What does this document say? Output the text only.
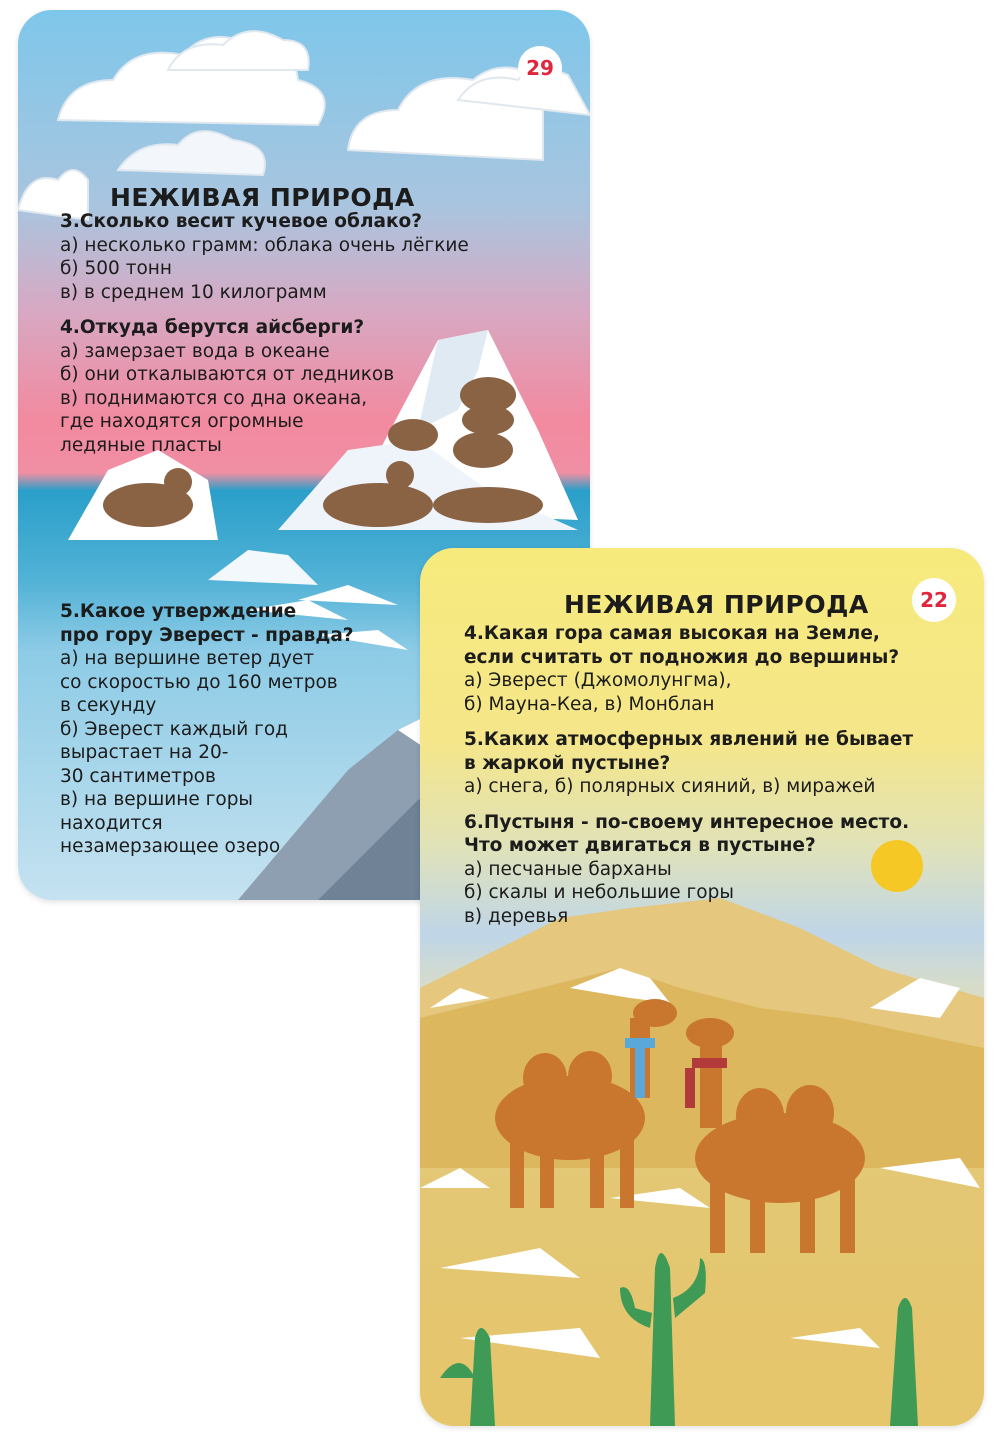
29
НЕЖИВАЯ ПРИРОДА
3.Сколько весит кучевое облако?
а) несколько грамм: облака очень лёгкие
б) 500 тонн
в) в среднем 10 килограмм
4.Откуда берутся айсберги?
а) замерзает вода в океане
б) они откалываются от ледников
в) поднимаются со дна океана,
где находятся огромные
ледяные пласты
5.Какое утверждение
про гору Эверест - правда?
а) на вершине ветер дует
со скоростью до 160 метров
в секунду
б) Эверест каждый год
вырастает на 20-
30 сантиметров
в) на вершине горы
находится
незамерзающее озеро
22
НЕЖИВАЯ ПРИРОДА
4.Какая гора самая высокая на Земле,
если считать от подножия до вершины?
а) Эверест (Джомолунгма),
б) Мауна-Кеа, в) Монблан
5.Каких атмосферных явлений не бывает
в жаркой пустыне?
а) снега, б) полярных сияний, в) миражей
6.Пустыня - по-своему интересное место.
Что может двигаться в пустыне?
а) песчаные барханы
б) скалы и небольшие горы
в) деревья
